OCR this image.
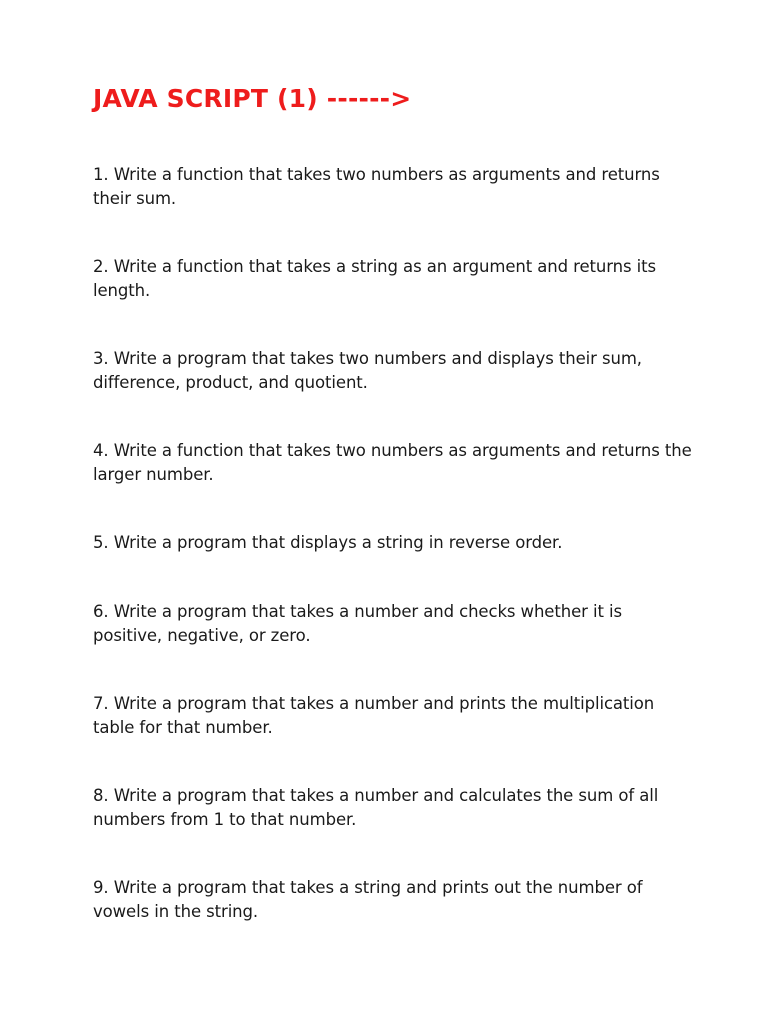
JAVA SCRIPT (1) ------>
1. Write a function that takes two numbers as arguments and returns their sum.
2. Write a function that takes a string as an argument and returns its length.
3. Write a program that takes two numbers and displays their sum, difference, product, and quotient.
4. Write a function that takes two numbers as arguments and returns the larger number.
5. Write a program that displays a string in reverse order.
6. Write a program that takes a number and checks whether it is positive, negative, or zero.
7. Write a program that takes a number and prints the multiplication table for that number.
8. Write a program that takes a number and calculates the sum of all numbers from 1 to that number.
9. Write a program that takes a string and prints out the number of vowels in the string.
